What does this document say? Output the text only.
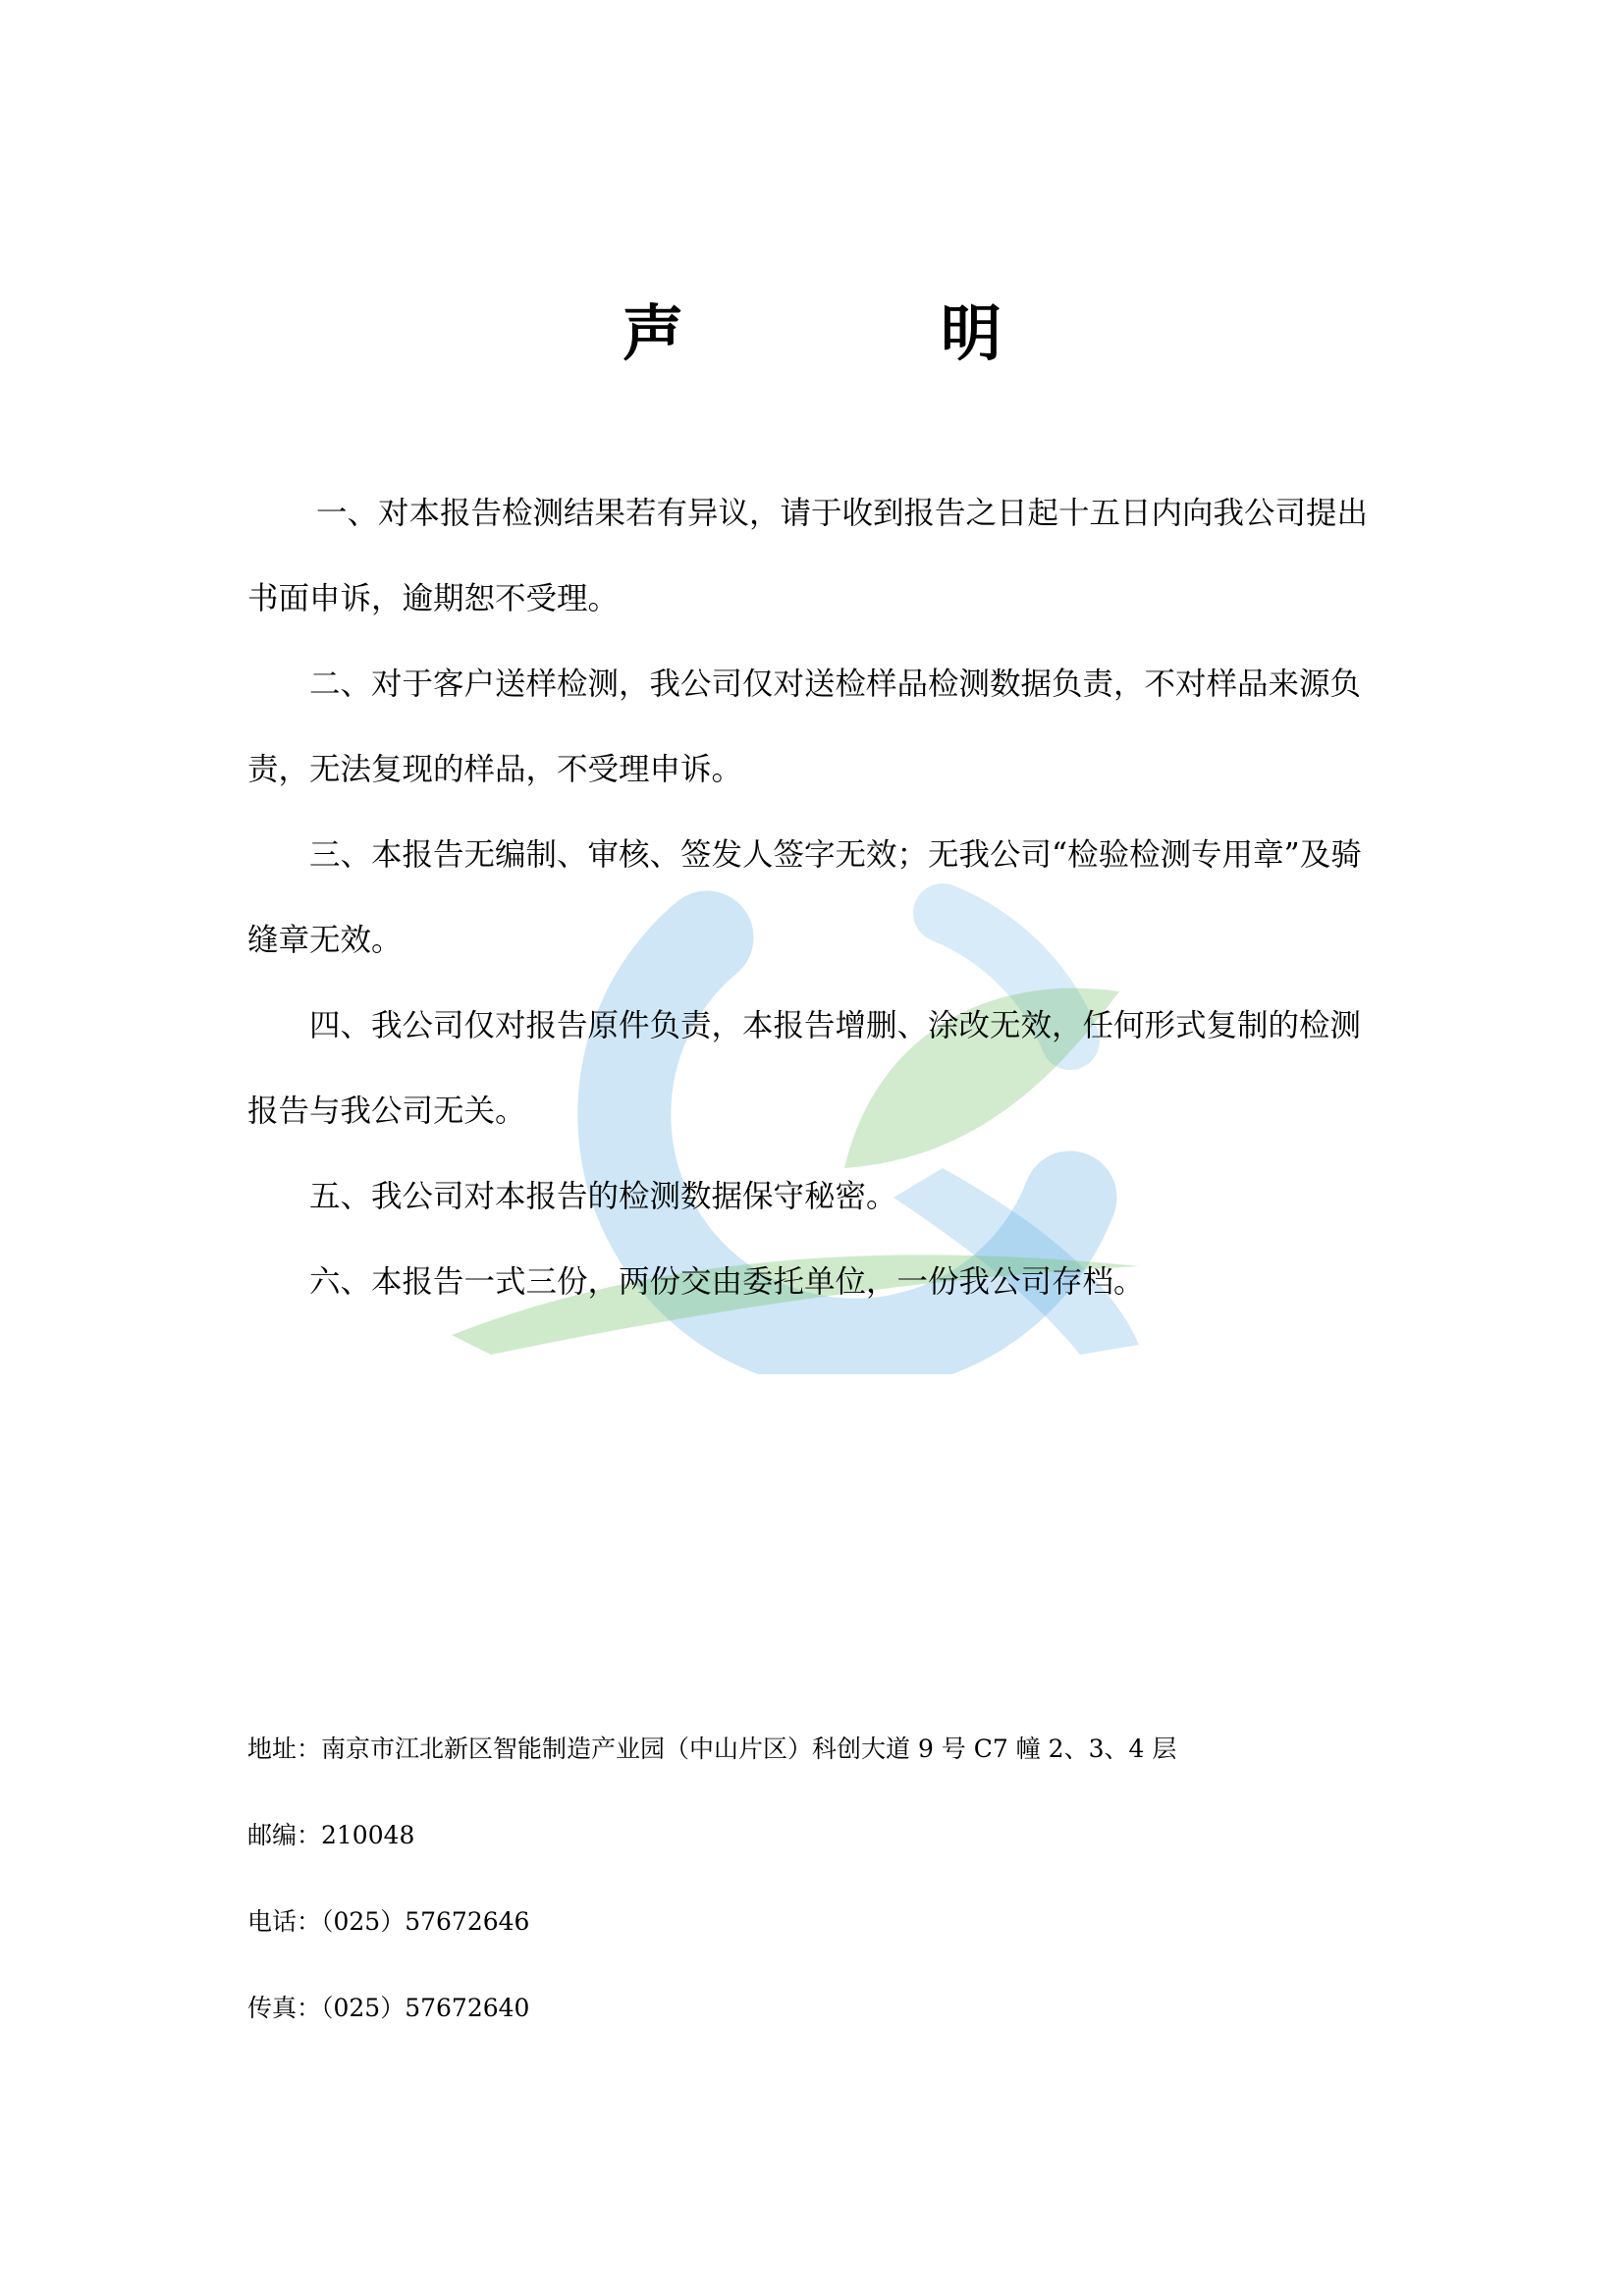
声　明

一、对本报告检测结果若有异议，请于收到报告之日起十五日内向我公司提出书面申诉，逾期恕不受理。

二、对于客户送样检测，我公司仅对送检样品检测数据负责，不对样品来源负责，无法复现的样品，不受理申诉。

三、本报告无编制、审核、签发人签字无效；无我公司“检验检测专用章”及骑缝章无效。

四、我公司仅对报告原件负责，本报告增删、涂改无效，任何形式复制的检测报告与我公司无关。

五、我公司对本报告的检测数据保守秘密。

六、本报告一式三份，两份交由委托单位，一份我公司存档。

地址：南京市江北新区智能制造产业园（中山片区）科创大道 9 号 C7 幢 2、3、4 层
邮编：210048
电话：（025）57672646
传真：（025）57672640
